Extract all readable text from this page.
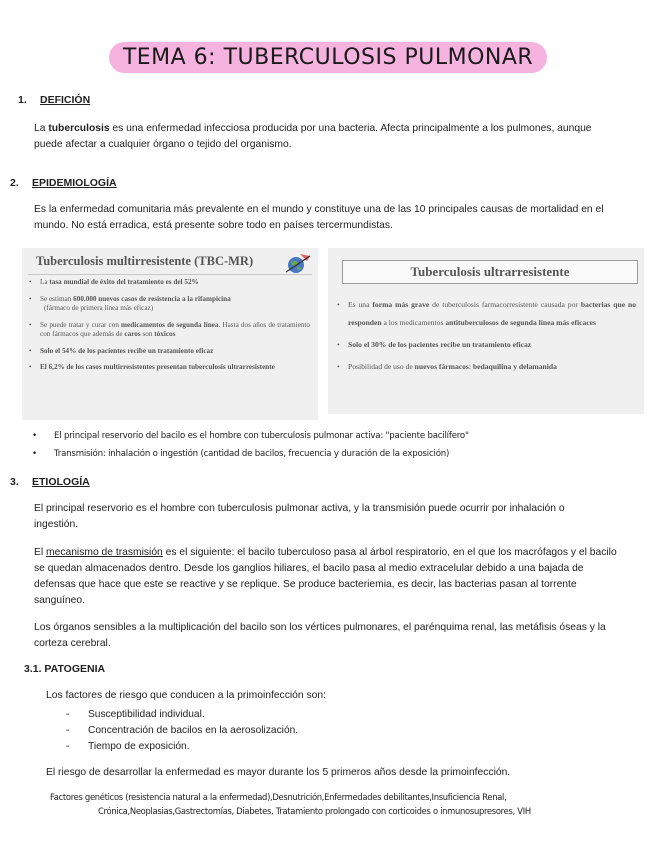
TEMA 6: TUBERCULOSIS PULMONAR
1. DEFICIÓN
La tuberculosis es una enfermedad infecciosa producida por una bacteria. Afecta principalmente a los pulmones, aunque
puede afectar a cualquier órgano o tejido del organismo.
2. EPIDEMIOLOGÍA
Es la enfermedad comunitaria más prevalente en el mundo y constituye una de las 10 principales causas de mortalidad en el
mundo. No está erradica, está presente sobre todo en países tercermundistas.
Tuberculosis multirresistente (TBC-MR)
• La tasa mundial de éxito del tratamiento es del 52%
• Se estiman 600.000 nuevos casos de resistencia a la rifampicina
(fármaco de primera línea más eficaz)
• Se puede tratar y curar con medicamentos de segunda línea. Hasta dos años de tratamiento con fármacos que además de caros son tóxicos
• Solo el 54% de los pacientes recibe un tratamiento eficaz
• El 6,2% de los casos multirresistentes presentan tuberculosis ultrarresistente
Tuberculosis ultrarresistente
• Es una forma más grave de tuberculosis farmacorresistente causada por bacterias que no responden a los medicamentos antituberculosos de segunda línea más eficaces
• Solo el 30% de los pacientes recibe un tratamiento eficaz
• Posibilidad de uso de nuevos fármacos: bedaquilina y delamanida
• El principal reservorio del bacilo es el hombre con tuberculosis pulmonar activa: "paciente bacilífero"
• Transmisión: inhalación o ingestión (cantidad de bacilos, frecuencia y duración de la exposición)
3. ETIOLOGÍA
El principal reservorio es el hombre con tuberculosis pulmonar activa, y la transmisión puede ocurrir por inhalación o
ingestión.
El mecanismo de trasmisión es el siguiente: el bacilo tuberculoso pasa al árbol respiratorio, en el que los macrófagos y el bacilo
se quedan almacenados dentro. Desde los ganglios hiliares, el bacilo pasa al medio extracelular debido a una bajada de
defensas que hace que este se reactive y se replique. Se produce bacteriemia, es decir, las bacterias pasan al torrente
sanguíneo.
Los órganos sensibles a la multiplicación del bacilo son los vértices pulmonares, el parénquima renal, las metáfisis óseas y la
corteza cerebral.
3.1. PATOGENIA
Los factores de riesgo que conducen a la primoinfección son:
- Susceptibilidad individual.
- Concentración de bacilos en la aerosolización.
- Tiempo de exposición.
El riesgo de desarrollar la enfermedad es mayor durante los 5 primeros años desde la primoinfección.
Factores genéticos (resistencia natural a la enfermedad),Desnutrición,Enfermedades debilitantes,Insuficiencia Renal,
Crónica,Neoplasias,Gastrectomías, Diabetes, Tratamiento prolongado con corticoides o inmunosupresores, VIH
